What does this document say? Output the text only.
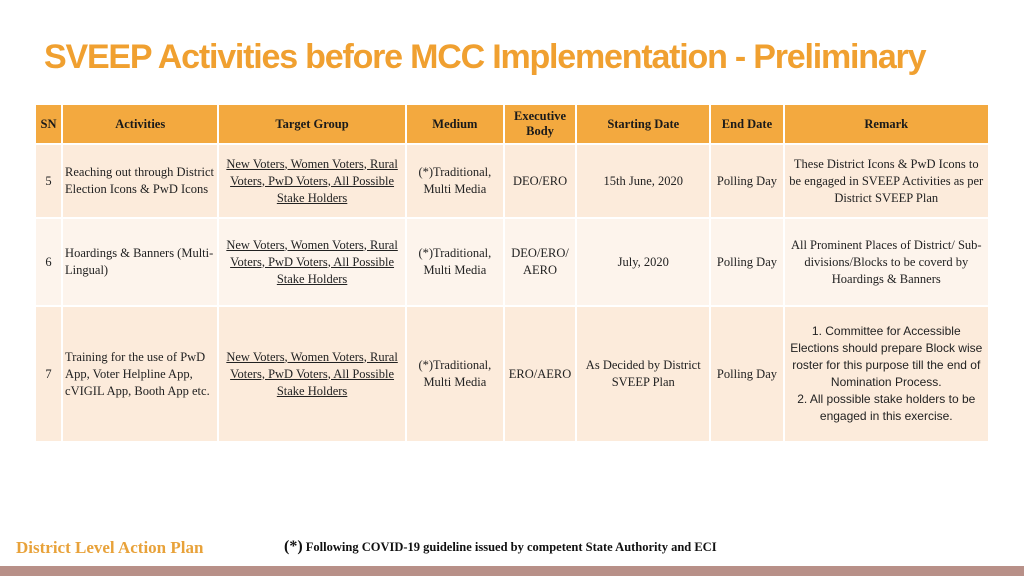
SVEEP Activities before MCC Implementation - Preliminary
SN	Activities	Target Group	Medium	Executive Body	Starting Date	End Date	Remark
5	Reaching out through District Election Icons & PwD Icons	New Voters, Women Voters, Rural Voters, PwD Voters, All Possible Stake Holders	(*)Traditional, Multi Media	DEO/ERO	15th June, 2020	Polling Day	These District Icons & PwD Icons to be engaged in SVEEP Activities as per District SVEEP Plan
6	Hoardings & Banners (Multi-Lingual)	New Voters, Women Voters, Rural Voters, PwD Voters, All Possible Stake Holders	(*)Traditional, Multi Media	DEO/ERO/ AERO	July, 2020	Polling Day	All Prominent Places of District/ Sub-divisions/Blocks to be coverd by Hoardings & Banners
7	Training for the use of PwD App, Voter Helpline App, cVIGIL App, Booth App etc.	New Voters, Women Voters, Rural Voters, PwD Voters, All Possible Stake Holders	(*)Traditional, Multi Media	ERO/AERO	As Decided by District SVEEP Plan	Polling Day	1. Committee for Accessible Elections should prepare Block wise roster for this purpose till the end of Nomination Process.
2. All possible stake holders to be engaged in this exercise.
District Level Action Plan	(*) Following COVID-19 guideline issued by competent State Authority and ECI
